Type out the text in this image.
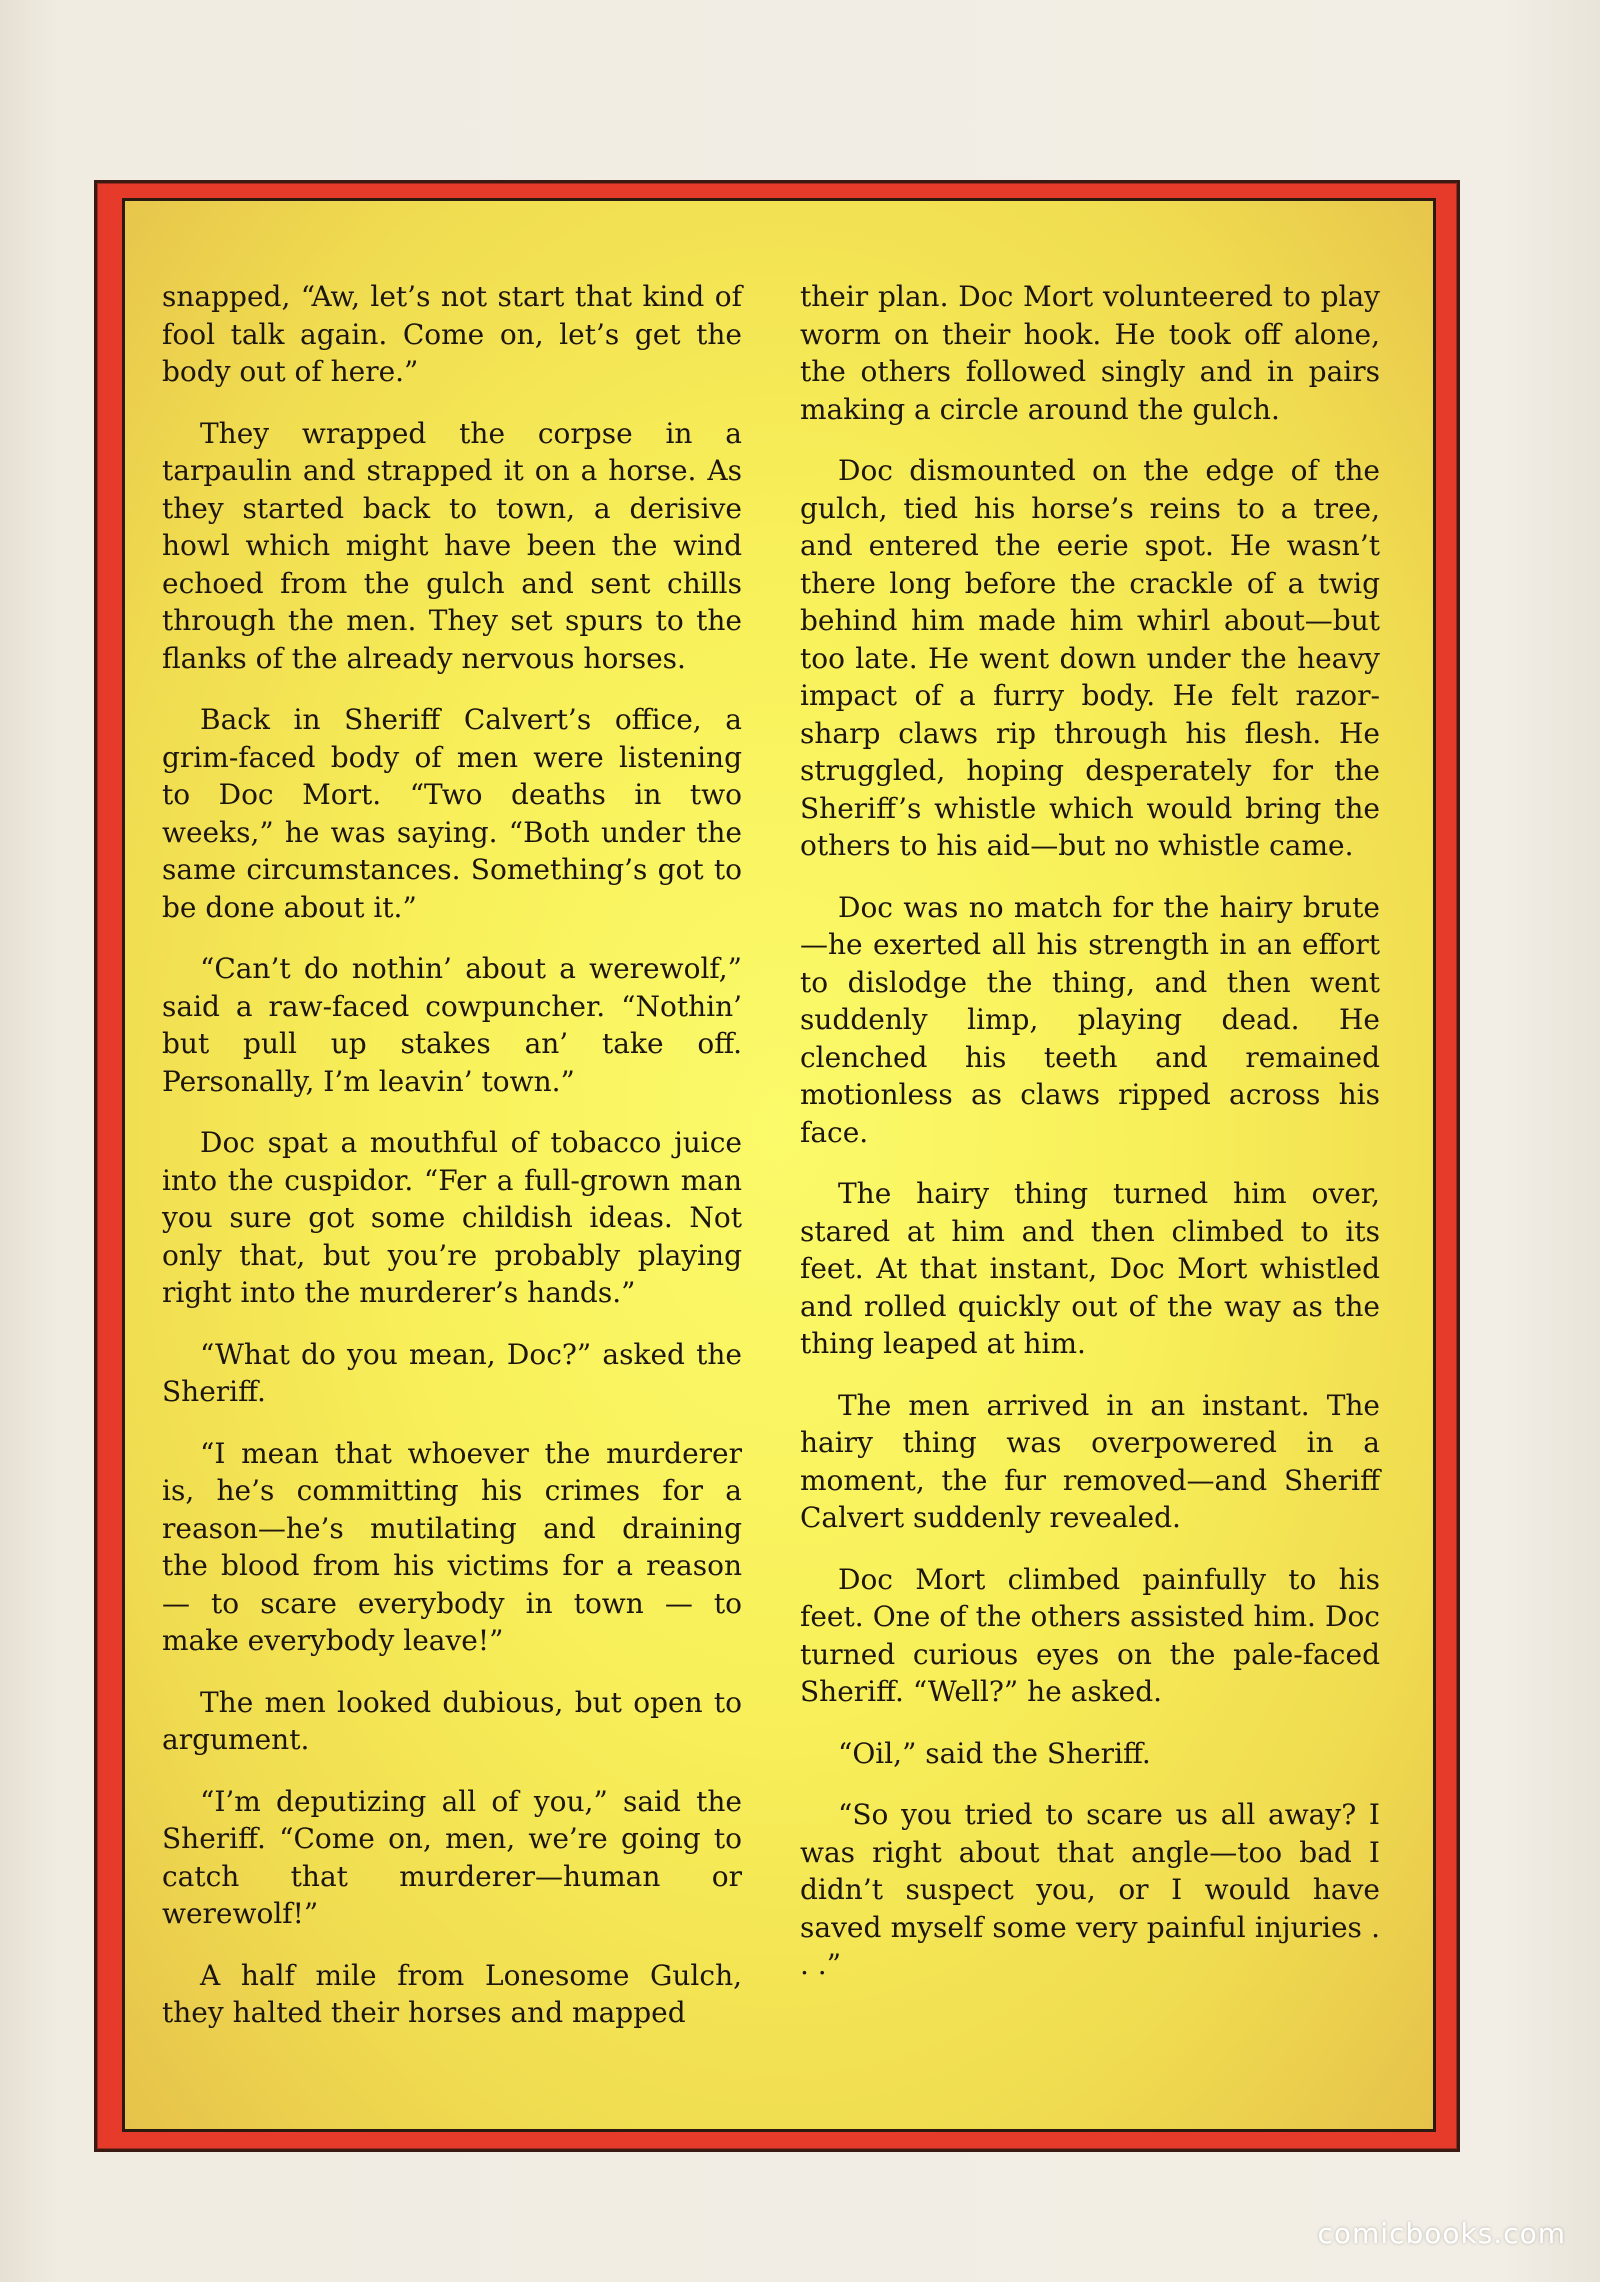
snapped, “Aw, let’s not start that kind of fool talk again. Come on, let’s get the body out of here.”

They wrapped the corpse in a tarpaulin and strapped it on a horse. As they started back to town, a derisive howl which might have been the wind echoed from the gulch and sent chills through the men. They set spurs to the flanks of the already nervous horses.

Back in Sheriff Calvert’s office, a grim-faced body of men were listening to Doc Mort. “Two deaths in two weeks,” he was saying. “Both under the same circumstances. Something’s got to be done about it.”

“Can’t do nothin’ about a werewolf,” said a raw-faced cowpuncher. “Nothin’ but pull up stakes an’ take off. Personally, I’m leavin’ town.”

Doc spat a mouthful of tobacco juice into the cuspidor. “Fer a full-grown man you sure got some childish ideas. Not only that, but you’re probably playing right into the murderer’s hands.”

“What do you mean, Doc?” asked the Sheriff.

“I mean that whoever the murderer is, he’s committing his crimes for a reason—he’s mutilating and draining the blood from his victims for a reason — to scare everybody in town — to make everybody leave!”

The men looked dubious, but open to argument.

“I’m deputizing all of you,” said the Sheriff. “Come on, men, we’re going to catch that murderer—human or werewolf!”

A half mile from Lonesome Gulch, they halted their horses and mapped

their plan. Doc Mort volunteered to play worm on their hook. He took off alone, the others followed singly and in pairs making a circle around the gulch.

Doc dismounted on the edge of the gulch, tied his horse’s reins to a tree, and entered the eerie spot. He wasn’t there long before the crackle of a twig behind him made him whirl about—but too late. He went down under the heavy impact of a furry body. He felt razor-sharp claws rip through his flesh. He struggled, hoping desperately for the Sheriff’s whistle which would bring the others to his aid—but no whistle came.

Doc was no match for the hairy brute—he exerted all his strength in an effort to dislodge the thing, and then went suddenly limp, playing dead. He clenched his teeth and remained motionless as claws ripped across his face.

The hairy thing turned him over, stared at him and then climbed to its feet. At that instant, Doc Mort whistled and rolled quickly out of the way as the thing leaped at him.

The men arrived in an instant. The hairy thing was overpowered in a moment, the fur removed—and Sheriff Calvert suddenly revealed.

Doc Mort climbed painfully to his feet. One of the others assisted him. Doc turned curious eyes on the pale-faced Sheriff. “Well?” he asked.

“Oil,” said the Sheriff.

“So you tried to scare us all away? I was right about that angle—too bad I didn’t suspect you, or I would have saved myself some very painful injuries . . .”

comicbooks.com
